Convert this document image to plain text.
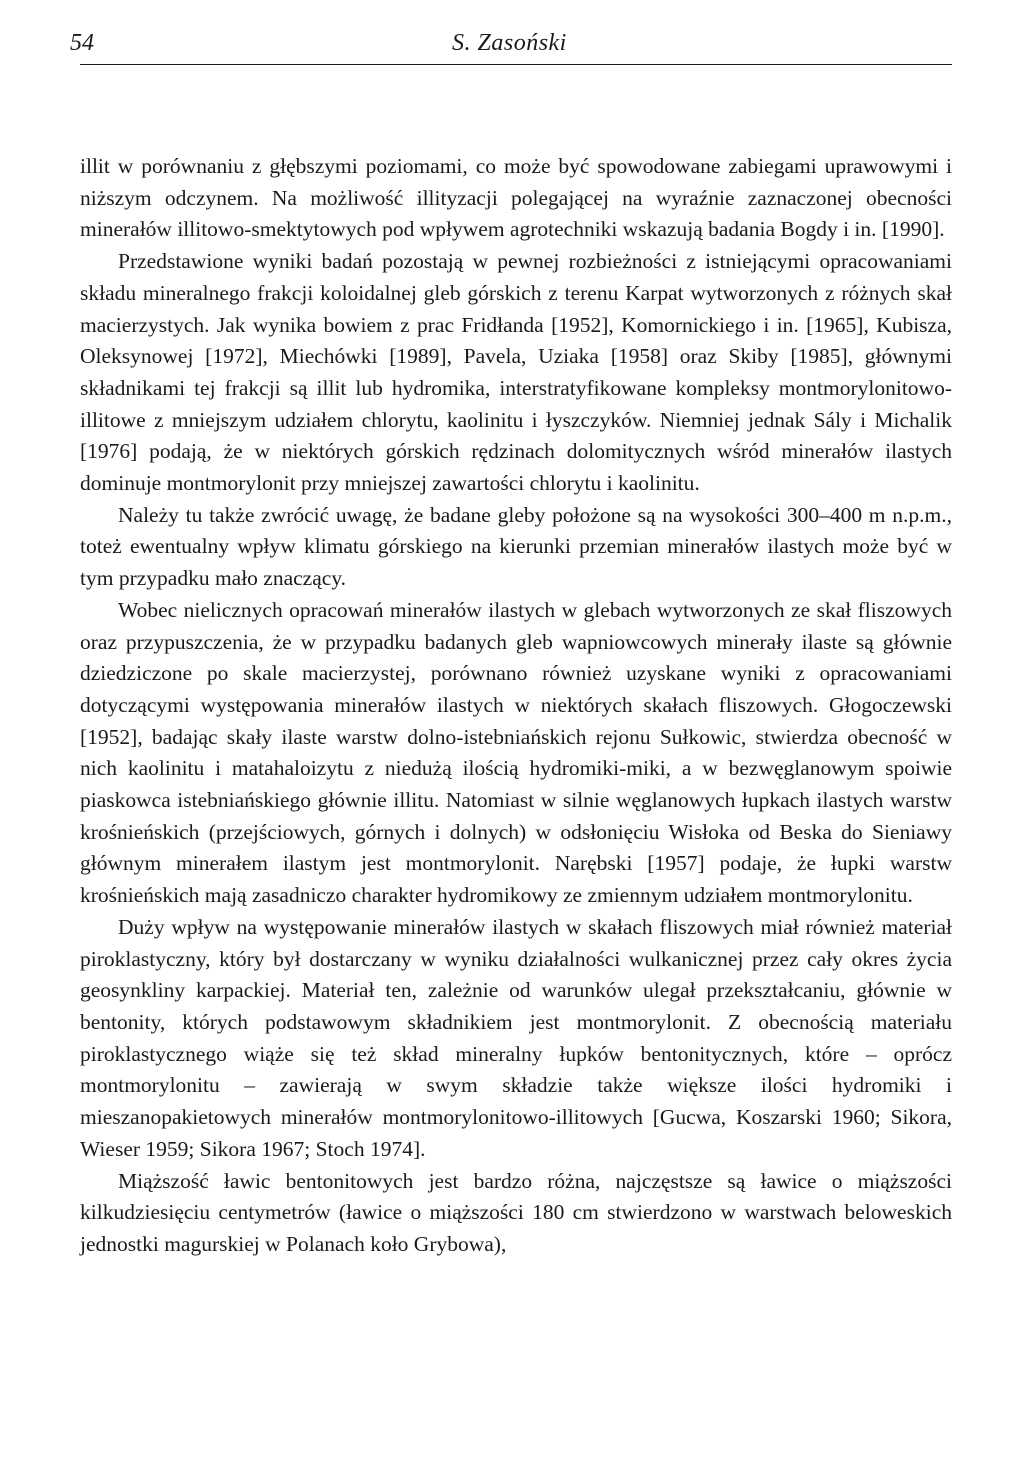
54	S. Zasoński

illit w porównaniu z głębszymi poziomami, co może być spowodowane zabiegami uprawowymi i niższym odczynem. Na możliwość illityzacji polegającej na wyraźnie zaznaczonej obecności minerałów illitowo-smektytowych pod wpływem agrotechniki wskazują badania Bogdy i in. [1990].

Przedstawione wyniki badań pozostają w pewnej rozbieżności z istniejącymi opracowaniami składu mineralnego frakcji koloidalnej gleb górskich z terenu Karpat wytworzonych z różnych skał macierzystych. Jak wynika bowiem z prac Fridłanda [1952], Komornickiego i in. [1965], Kubisza, Oleksynowej [1972], Miechówki [1989], Pavela, Uziaka [1958] oraz Skiby [1985], głównymi składnikami tej frakcji są illit lub hydromika, interstratyfikowane kompleksy montmorylonitowo-illitowe z mniejszym udziałem chlorytu, kaolinitu i łyszczyków. Niemniej jednak Sály i Michalik [1976] podają, że w niektórych górskich rędzinach dolomitycznych wśród minerałów ilastych dominuje montmorylonit przy mniejszej zawartości chlorytu i kaolinitu.

Należy tu także zwrócić uwagę, że badane gleby położone są na wysokości 300–400 m n.p.m., toteż ewentualny wpływ klimatu górskiego na kierunki przemian minerałów ilastych może być w tym przypadku mało znaczący.

Wobec nielicznych opracowań minerałów ilastych w glebach wytworzonych ze skał fliszowych oraz przypuszczenia, że w przypadku badanych gleb wapniowcowych minerały ilaste są głównie dziedziczone po skale macierzystej, porównano również uzyskane wyniki z opracowaniami dotyczącymi występowania minerałów ilastych w niektórych skałach fliszowych. Głogoczewski [1952], badając skały ilaste warstw dolno-istebniańskich rejonu Sułkowic, stwierdza obecność w nich kaolinitu i matahaloizytu z niedużą ilością hydromiki-miki, a w bezwęglanowym spoiwie piaskowca istebniańskiego głównie illitu. Natomiast w silnie węglanowych łupkach ilastych warstw krośnieńskich (przejściowych, górnych i dolnych) w odsłonięciu Wisłoka od Beska do Sieniawy głównym minerałem ilastym jest montmorylonit. Narębski [1957] podaje, że łupki warstw krośnieńskich mają zasadniczo charakter hydromikowy ze zmiennym udziałem montmorylonitu.

Duży wpływ na występowanie minerałów ilastych w skałach fliszowych miał również materiał piroklastyczny, który był dostarczany w wyniku działalności wulkanicznej przez cały okres życia geosynkliny karpackiej. Materiał ten, zależnie od warunków ulegał przekształcaniu, głównie w bentonity, których podstawowym składnikiem jest montmorylonit. Z obecnością materiału piroklastycznego wiąże się też skład mineralny łupków bentonitycznych, które – oprócz montmorylonitu – zawierają w swym składzie także większe ilości hydromiki i mieszanopakietowych minerałów montmorylonitowo-illitowych [Gucwa, Koszarski 1960; Sikora, Wieser 1959; Sikora 1967; Stoch 1974].

Miąższość ławic bentonitowych jest bardzo różna, najczęstsze są ławice o miąższości kilkudziesięciu centymetrów (ławice o miąższości 180 cm stwierdzono w warstwach beloweskich jednostki magurskiej w Polanach koło Grybowa),
